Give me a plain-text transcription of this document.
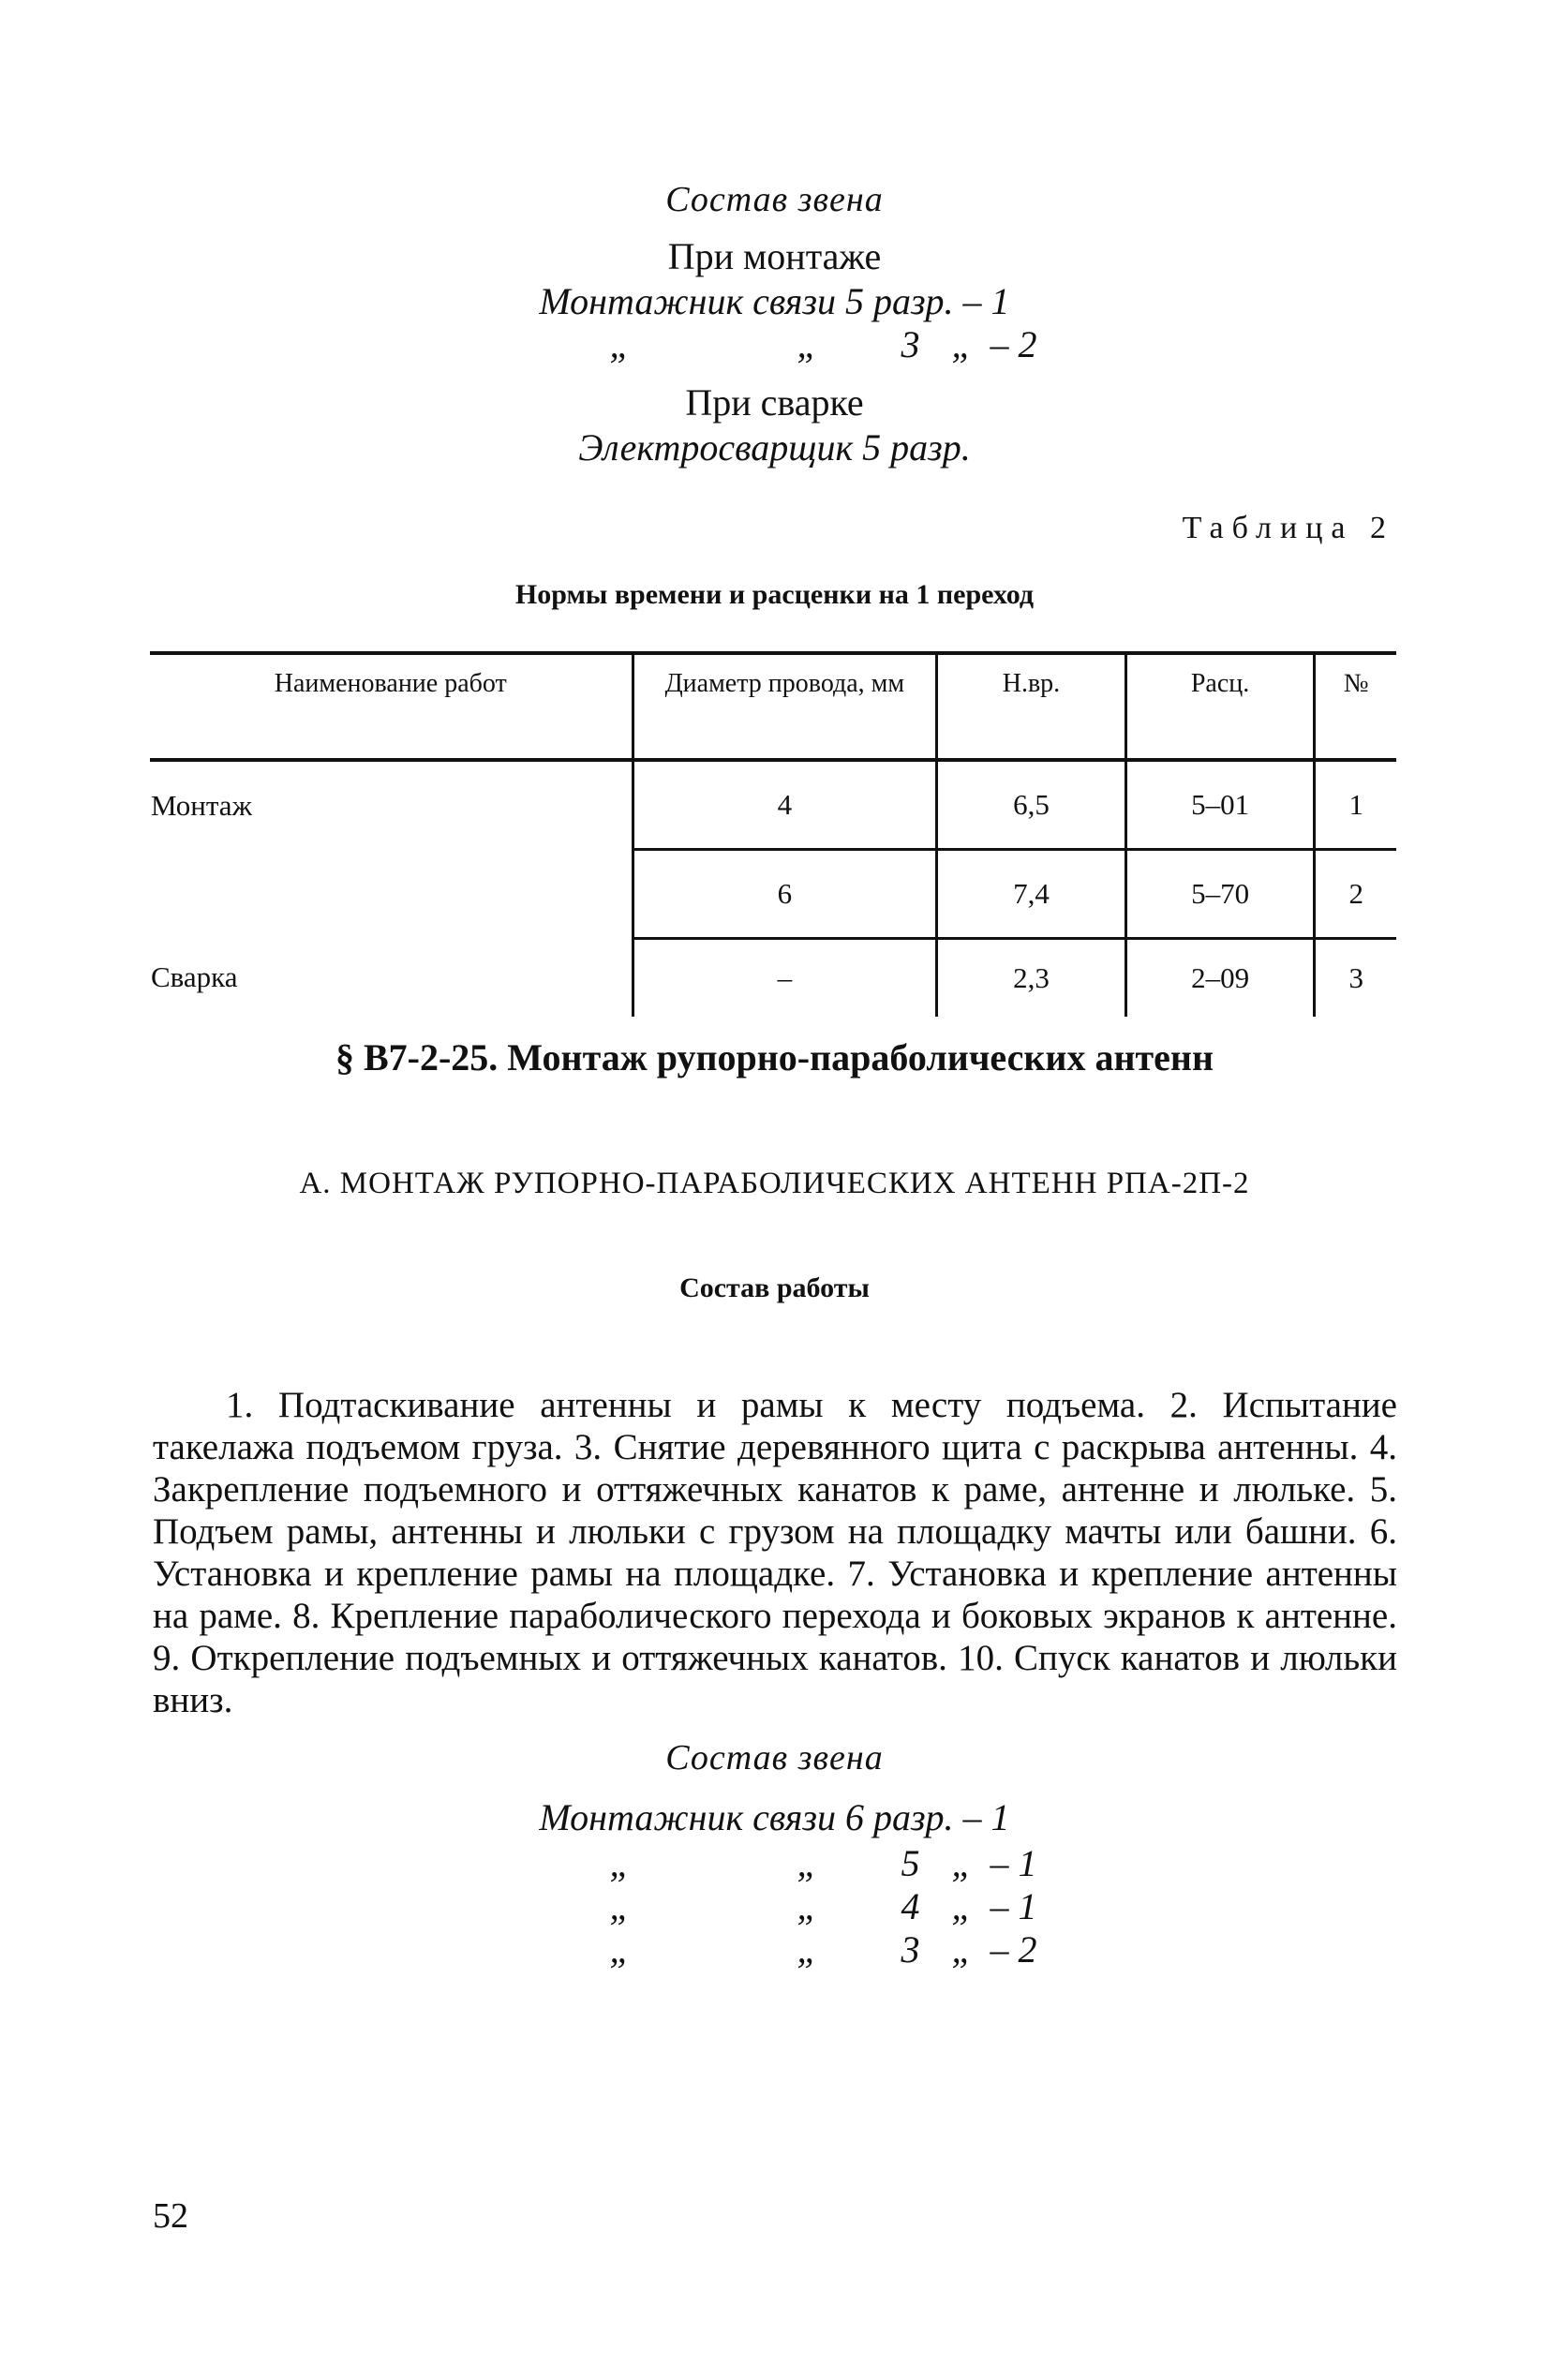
Состав звена
При монтаже
Монтажник связи 5 разр. – 1
„	„	3 „ – 2
При сварке
Электросварщик 5 разр.
Таблица 2
Нормы времени и расценки на 1 переход
Наименование работ	Диаметр провода, мм	Н.вр.	Расц.	№
Монтаж	4	6,5	5–01	1
	6	7,4	5–70	2
Сварка	–	2,3	2–09	3
§ В7-2-25. Монтаж рупорно-параболических антенн
А. МОНТАЖ РУПОРНО-ПАРАБОЛИЧЕСКИХ АНТЕНН РПА-2П-2
Состав работы

1. Подтаскивание антенны и рамы к месту подъема. 2. Испытание такелажа подъемом груза. 3. Снятие деревянного щита с раскрыва антенны. 4. Закрепление подъемного и оттяжечных канатов к раме, антенне и люльке. 5. Подъем рамы, антенны и люльки с грузом на площадку мачты или башни. 6. Установка и крепление рамы на площадке. 7. Установка и крепление антенны на раме. 8. Крепление параболического перехода и боковых экранов к антенне. 9. Открепление подъемных и оттяжечных канатов. 10. Спуск канатов и люльки вниз.

Состав звена
Монтажник связи 6 разр. – 1
„	„	5 „ – 1
„	„	4 „ – 1
„	„	3 „ – 2
52
